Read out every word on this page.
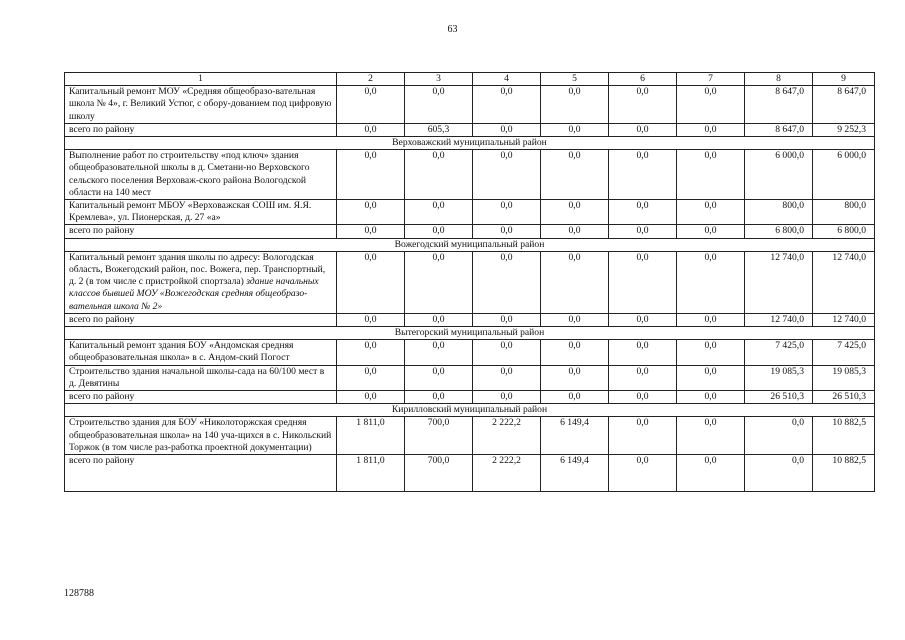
63
1	2	3	4	5	6	7	8	9
Капитальный ремонт МОУ «Средняя общеобразо-вательная школа № 4», г. Великий Устюг, с обору-дованием под цифровую школу	0,0	0,0	0,0	0,0	0,0	0,0	8 647,0	8 647,0
всего по району	0,0	605,3	0,0	0,0	0,0	0,0	8 647,0	9 252,3
Верховажский муниципальный район								
Выполнение работ по строительству «под ключ» здания общеобразовательной школы в д. Сметани-но Верховского сельского поселения Верховаж-ского района Вологодской области на 140 мест	0,0	0,0	0,0	0,0	0,0	0,0	6 000,0	6 000,0
Капитальный ремонт МБОУ «Верховажская СОШ им. Я.Я. Кремлева», ул. Пионерская, д. 27 «а»	0,0	0,0	0,0	0,0	0,0	0,0	800,0	800,0
всего по району	0,0	0,0	0,0	0,0	0,0	0,0	6 800,0	6 800,0
Вожегодский муниципальный район								
Капитальный ремонт здания школы по адресу: Вологодская область, Вожегодский район, пос. Вожега, пер. Транспортный, д. 2 (в том числе с пристройкой спортзала) здание начальных классов бывшей МОУ «Вожегодская средняя общеобразо-вательная школа № 2»	0,0	0,0	0,0	0,0	0,0	0,0	12 740,0	12 740,0
всего по району	0,0	0,0	0,0	0,0	0,0	0,0	12 740,0	12 740,0
Вытегорский муниципальный район								
Капитальный ремонт здания БОУ «Андомская средняя общеобразовательная школа» в с. Андом-ский Погост	0,0	0,0	0,0	0,0	0,0	0,0	7 425,0	7 425,0
Строительство здания начальной школы-сада на 60/100 мест в д. Девятины	0,0	0,0	0,0	0,0	0,0	0,0	19 085,3	19 085,3
всего по району	0,0	0,0	0,0	0,0	0,0	0,0	26 510,3	26 510,3
Кирилловский муниципальный район								
Строительство здания для БОУ «Николоторжская средняя общеобразовательная школа» на 140 уча-щихся в с. Никольский Торжок (в том числе раз-работка проектной документации)	1 811,0	700,0	2 222,2	6 149,4	0,0	0,0	0,0	10 882,5
всего по району	1 811,0	700,0	2 222,2	6 149,4	0,0	0,0	0,0	10 882,5
128788
